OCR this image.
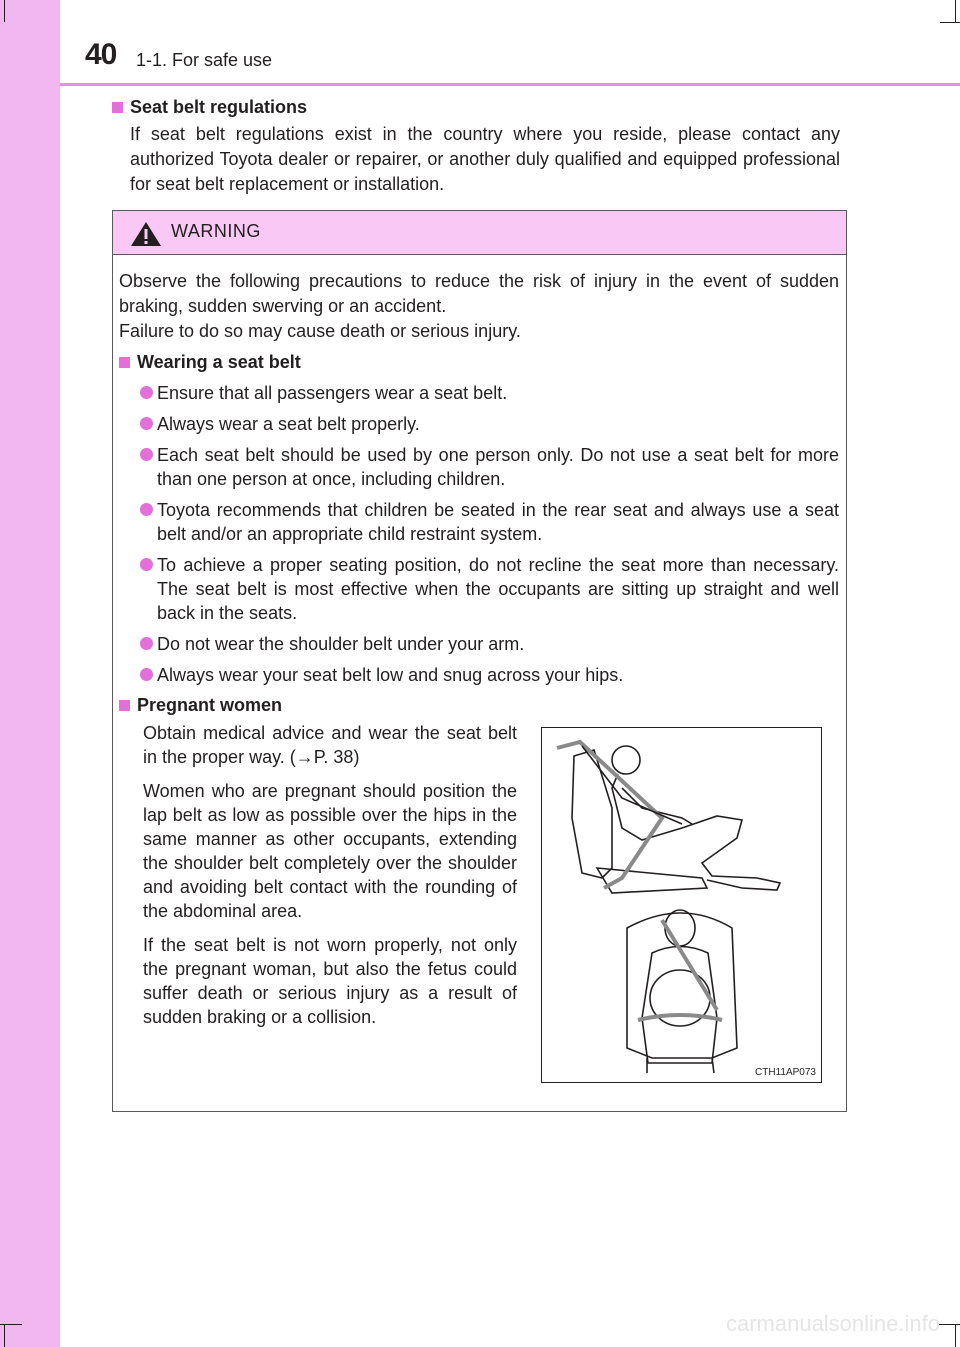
40 1-1. For safe use
Seat belt regulations
If seat belt regulations exist in the country where you reside, please contact any authorized Toyota dealer or repairer, or another duly qualified and equipped professional for seat belt replacement or installation.
WARNING
Observe the following precautions to reduce the risk of injury in the event of sudden braking, sudden swerving or an accident.
Failure to do so may cause death or serious injury.
Wearing a seat belt
Ensure that all passengers wear a seat belt.
Always wear a seat belt properly.
Each seat belt should be used by one person only. Do not use a seat belt for more than one person at once, including children.
Toyota recommends that children be seated in the rear seat and always use a seat belt and/or an appropriate child restraint system.
To achieve a proper seating position, do not recline the seat more than necessary. The seat belt is most effective when the occupants are sitting up straight and well back in the seats.
Do not wear the shoulder belt under your arm.
Always wear your seat belt low and snug across your hips.
Pregnant women

Obtain medical advice and wear the seat belt in the proper way. (→P. 38)

Women who are pregnant should position the lap belt as low as possible over the hips in the same manner as other occupants, extending the shoulder belt completely over the shoulder and avoiding belt contact with the rounding of the abdominal area.

If the seat belt is not worn properly, not only the pregnant woman, but also the fetus could suffer death or serious injury as a result of sudden braking or a collision.

CTH11AP073
carmanualsonline.info
